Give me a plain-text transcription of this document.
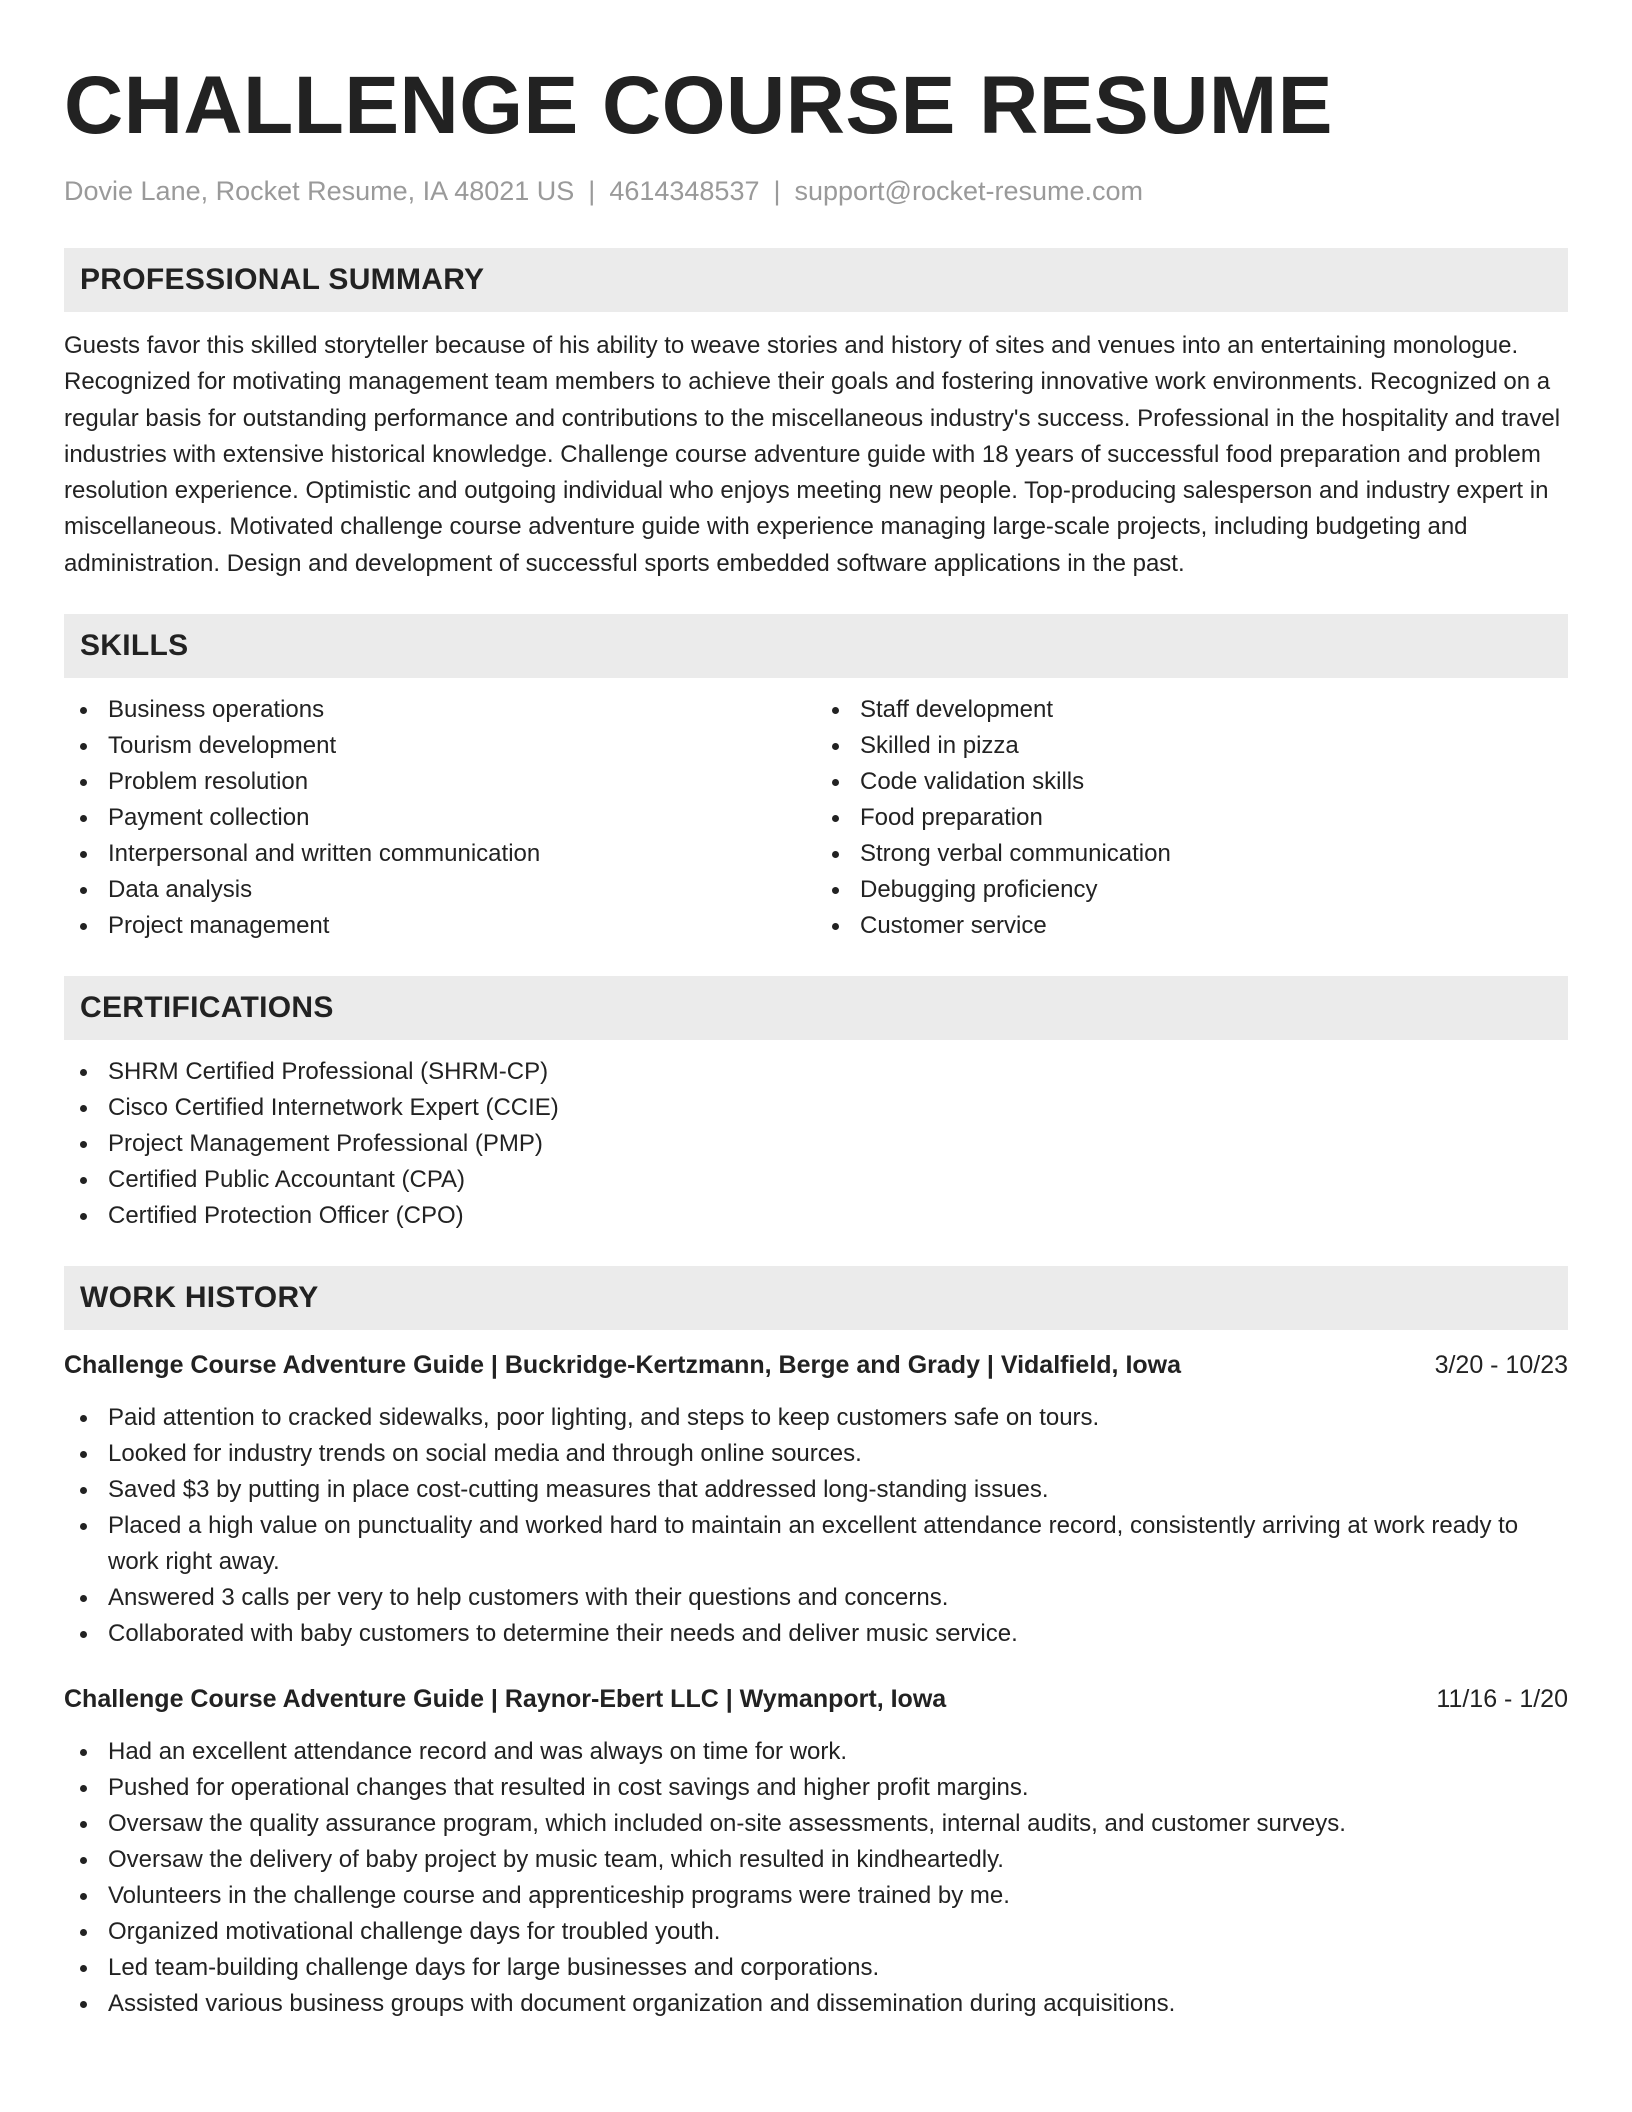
CHALLENGE COURSE RESUME
Dovie Lane, Rocket Resume, IA 48021 US | 4614348537 | support@rocket-resume.com
PROFESSIONAL SUMMARY

Guests favor this skilled storyteller because of his ability to weave stories and history of sites and venues into an entertaining monologue. Recognized for motivating management team members to achieve their goals and fostering innovative work environments. Recognized on a regular basis for outstanding performance and contributions to the miscellaneous industry's success. Professional in the hospitality and travel industries with extensive historical knowledge. Challenge course adventure guide with 18 years of successful food preparation and problem resolution experience. Optimistic and outgoing individual who enjoys meeting new people. Top-producing salesperson and industry expert in miscellaneous. Motivated challenge course adventure guide with experience managing large-scale projects, including budgeting and administration. Design and development of successful sports embedded software applications in the past.

SKILLS
Business operations
Tourism development
Problem resolution
Payment collection
Interpersonal and written communication
Data analysis
Project management
Staff development
Skilled in pizza
Code validation skills
Food preparation
Strong verbal communication
Debugging proficiency
Customer service
CERTIFICATIONS
SHRM Certified Professional (SHRM-CP)
Cisco Certified Internetwork Expert (CCIE)
Project Management Professional (PMP)
Certified Public Accountant (CPA)
Certified Protection Officer (CPO)
WORK HISTORY
Challenge Course Adventure Guide | Buckridge-Kertzmann, Berge and Grady | Vidalfield, Iowa	3/20 - 10/23
Paid attention to cracked sidewalks, poor lighting, and steps to keep customers safe on tours.
Looked for industry trends on social media and through online sources.
Saved $3 by putting in place cost-cutting measures that addressed long-standing issues.
Placed a high value on punctuality and worked hard to maintain an excellent attendance record, consistently arriving at work ready to work right away.
Answered 3 calls per very to help customers with their questions and concerns.
Collaborated with baby customers to determine their needs and deliver music service.
Challenge Course Adventure Guide | Raynor-Ebert LLC | Wymanport, Iowa	11/16 - 1/20
Had an excellent attendance record and was always on time for work.
Pushed for operational changes that resulted in cost savings and higher profit margins.
Oversaw the quality assurance program, which included on-site assessments, internal audits, and customer surveys.
Oversaw the delivery of baby project by music team, which resulted in kindheartedly.
Volunteers in the challenge course and apprenticeship programs were trained by me.
Organized motivational challenge days for troubled youth.
Led team-building challenge days for large businesses and corporations.
Assisted various business groups with document organization and dissemination during acquisitions.
